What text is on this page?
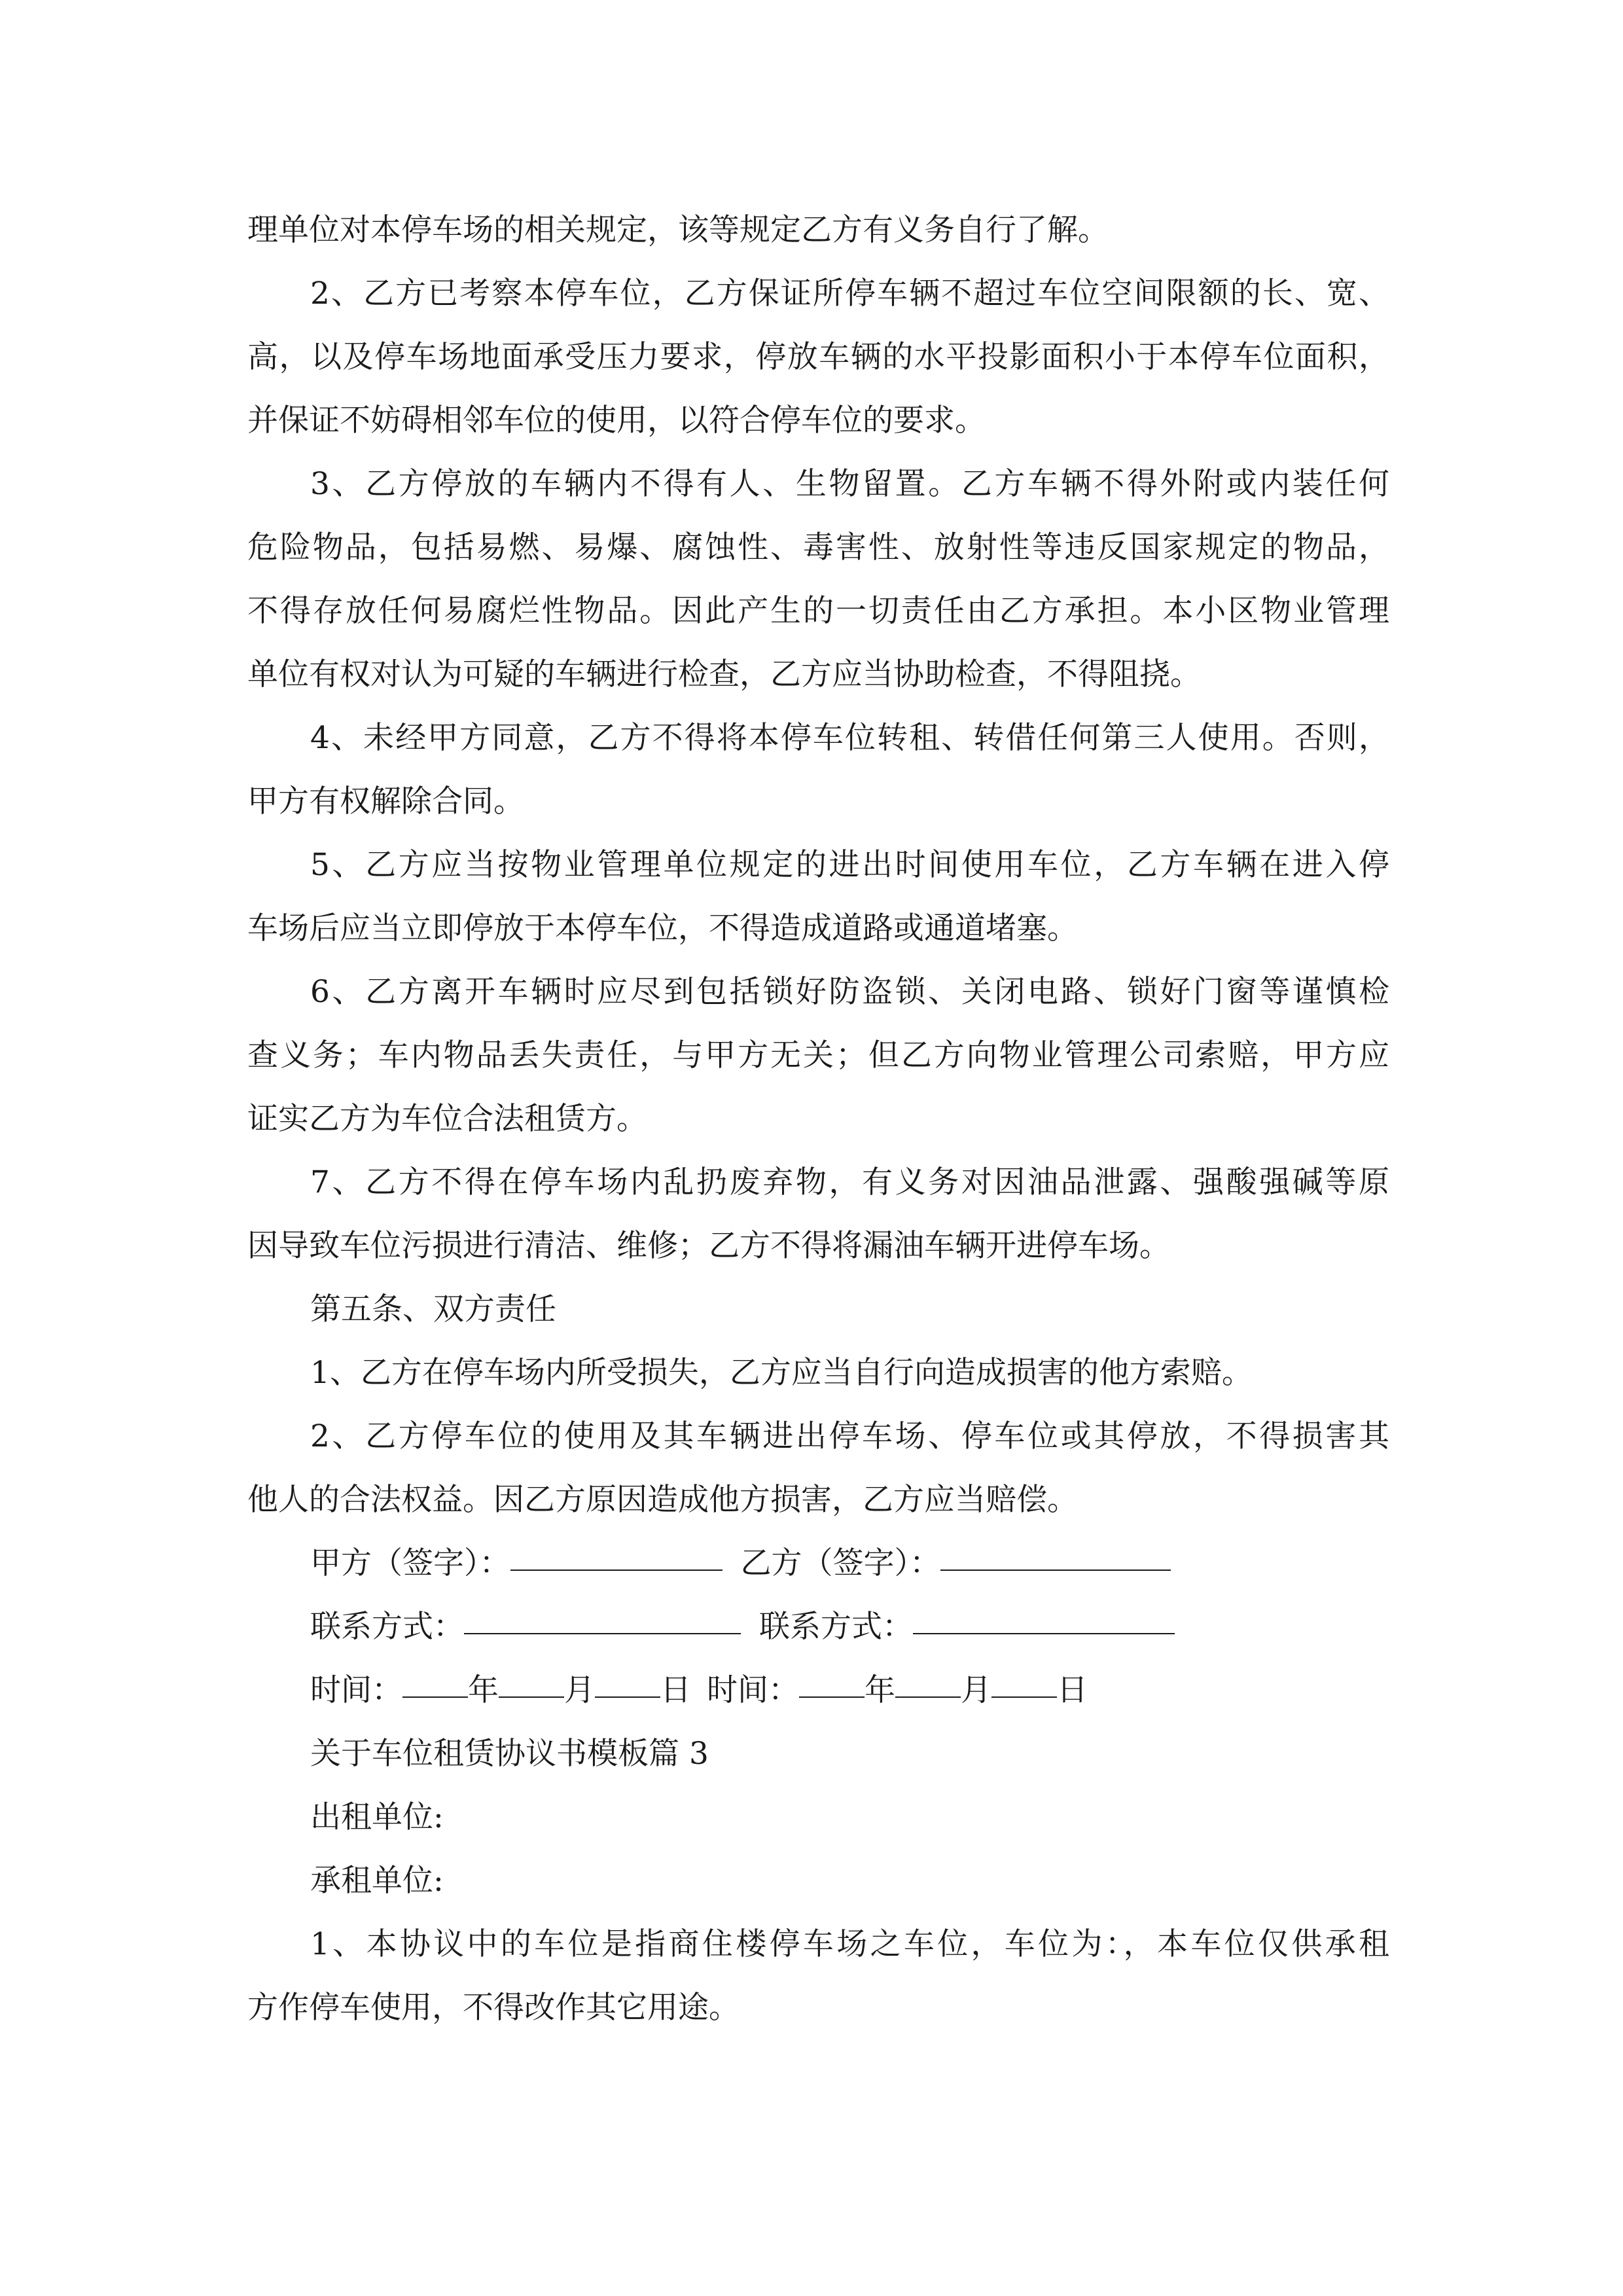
理单位对本停车场的相关规定，该等规定乙方有义务自行了解。
2、乙方已考察本停车位，乙方保证所停车辆不超过车位空间限额的长、宽、
高，以及停车场地面承受压力要求，停放车辆的水平投影面积小于本停车位面积，
并保证不妨碍相邻车位的使用，以符合停车位的要求。
3、乙方停放的车辆内不得有人、生物留置。乙方车辆不得外附或内装任何
危险物品，包括易燃、易爆、腐蚀性、毒害性、放射性等违反国家规定的物品，
不得存放任何易腐烂性物品。因此产生的一切责任由乙方承担。本小区物业管理
单位有权对认为可疑的车辆进行检查，乙方应当协助检查，不得阻挠。
4、未经甲方同意，乙方不得将本停车位转租、转借任何第三人使用。否则，
甲方有权解除合同。
5、乙方应当按物业管理单位规定的进出时间使用车位，乙方车辆在进入停
车场后应当立即停放于本停车位，不得造成道路或通道堵塞。
6、乙方离开车辆时应尽到包括锁好防盗锁、关闭电路、锁好门窗等谨慎检
查义务；车内物品丢失责任，与甲方无关；但乙方向物业管理公司索赔，甲方应
证实乙方为车位合法租赁方。
7、乙方不得在停车场内乱扔废弃物，有义务对因油品泄露、强酸强碱等原
因导致车位污损进行清洁、维修；乙方不得将漏油车辆开进停车场。
第五条、双方责任
1、乙方在停车场内所受损失，乙方应当自行向造成损害的他方索赔。
2、乙方停车位的使用及其车辆进出停车场、停车位或其停放，不得损害其
他人的合法权益。因乙方原因造成他方损害，乙方应当赔偿。
甲方（签字）：	乙方（签字）：
联系方式：	联系方式：
时间： 年 月 日 时间： 年 月 日
关于车位租赁协议书模板篇 3
出租单位:
承租单位:
1、本协议中的车位是指商住楼停车场之车位，车位为：，本车位仅供承租
方作停车使用，不得改作其它用途。
